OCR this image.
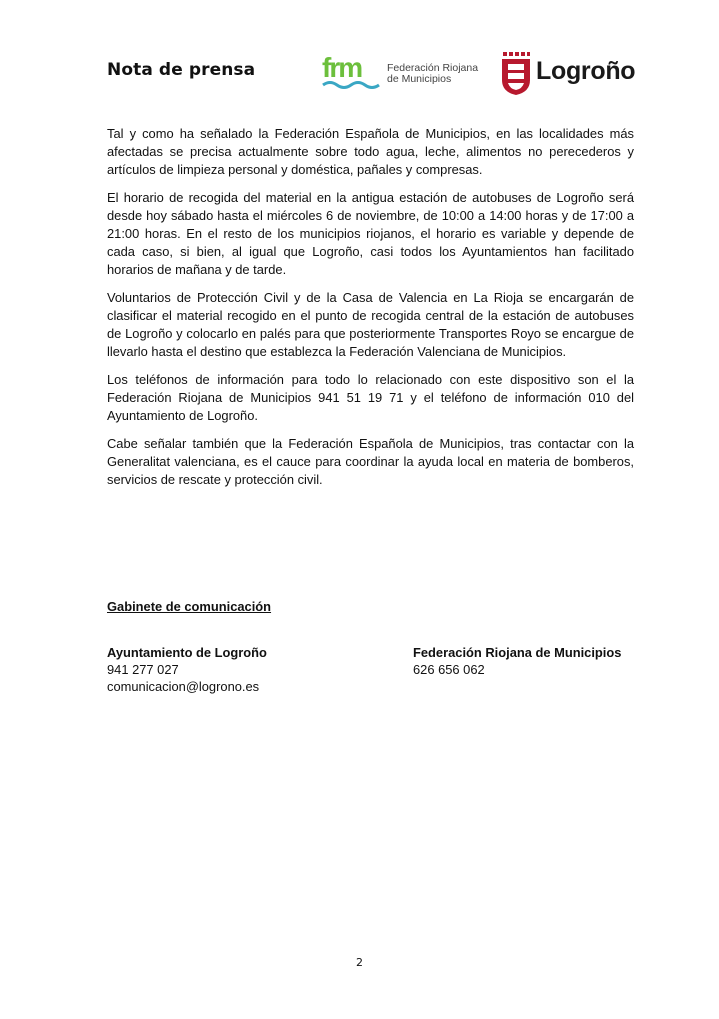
Nota de prensa frm Federación Riojana
de Municipios	Logroño

Tal y como ha señalado la Federación Española de Municipios, en las localidades más afectadas se precisa actualmente sobre todo agua, leche, alimentos no perecederos y artículos de limpieza personal y doméstica, pañales y compresas.

El horario de recogida del material en la antigua estación de autobuses de Logroño será desde hoy sábado hasta el miércoles 6 de noviembre, de 10:00 a 14:00 horas y de 17:00 a 21:00 horas. En el resto de los municipios riojanos, el horario es variable y depende de cada caso, si bien, al igual que Logroño, casi todos los Ayuntamientos han facilitado horarios de mañana y de tarde.

Voluntarios de Protección Civil y de la Casa de Valencia en La Rioja se encargarán de clasificar el material recogido en el punto de recogida central de la estación de autobuses de Logroño y colocarlo en palés para que posteriormente Transportes Royo se encargue de llevarlo hasta el destino que establezca la Federación Valenciana de Municipios.

Los teléfonos de información para todo lo relacionado con este dispositivo son el la Federación Riojana de Municipios 941 51 19 71 y el teléfono de información 010 del Ayuntamiento de Logroño.

Cabe señalar también que la Federación Española de Municipios, tras contactar con la Generalitat valenciana, es el cauce para coordinar la ayuda local en materia de bomberos, servicios de rescate y protección civil.

Gabinete de comunicación
Ayuntamiento de Logroño
941 277 027
comunicacion@logrono.es
Federación Riojana de Municipios
626 656 062
2
